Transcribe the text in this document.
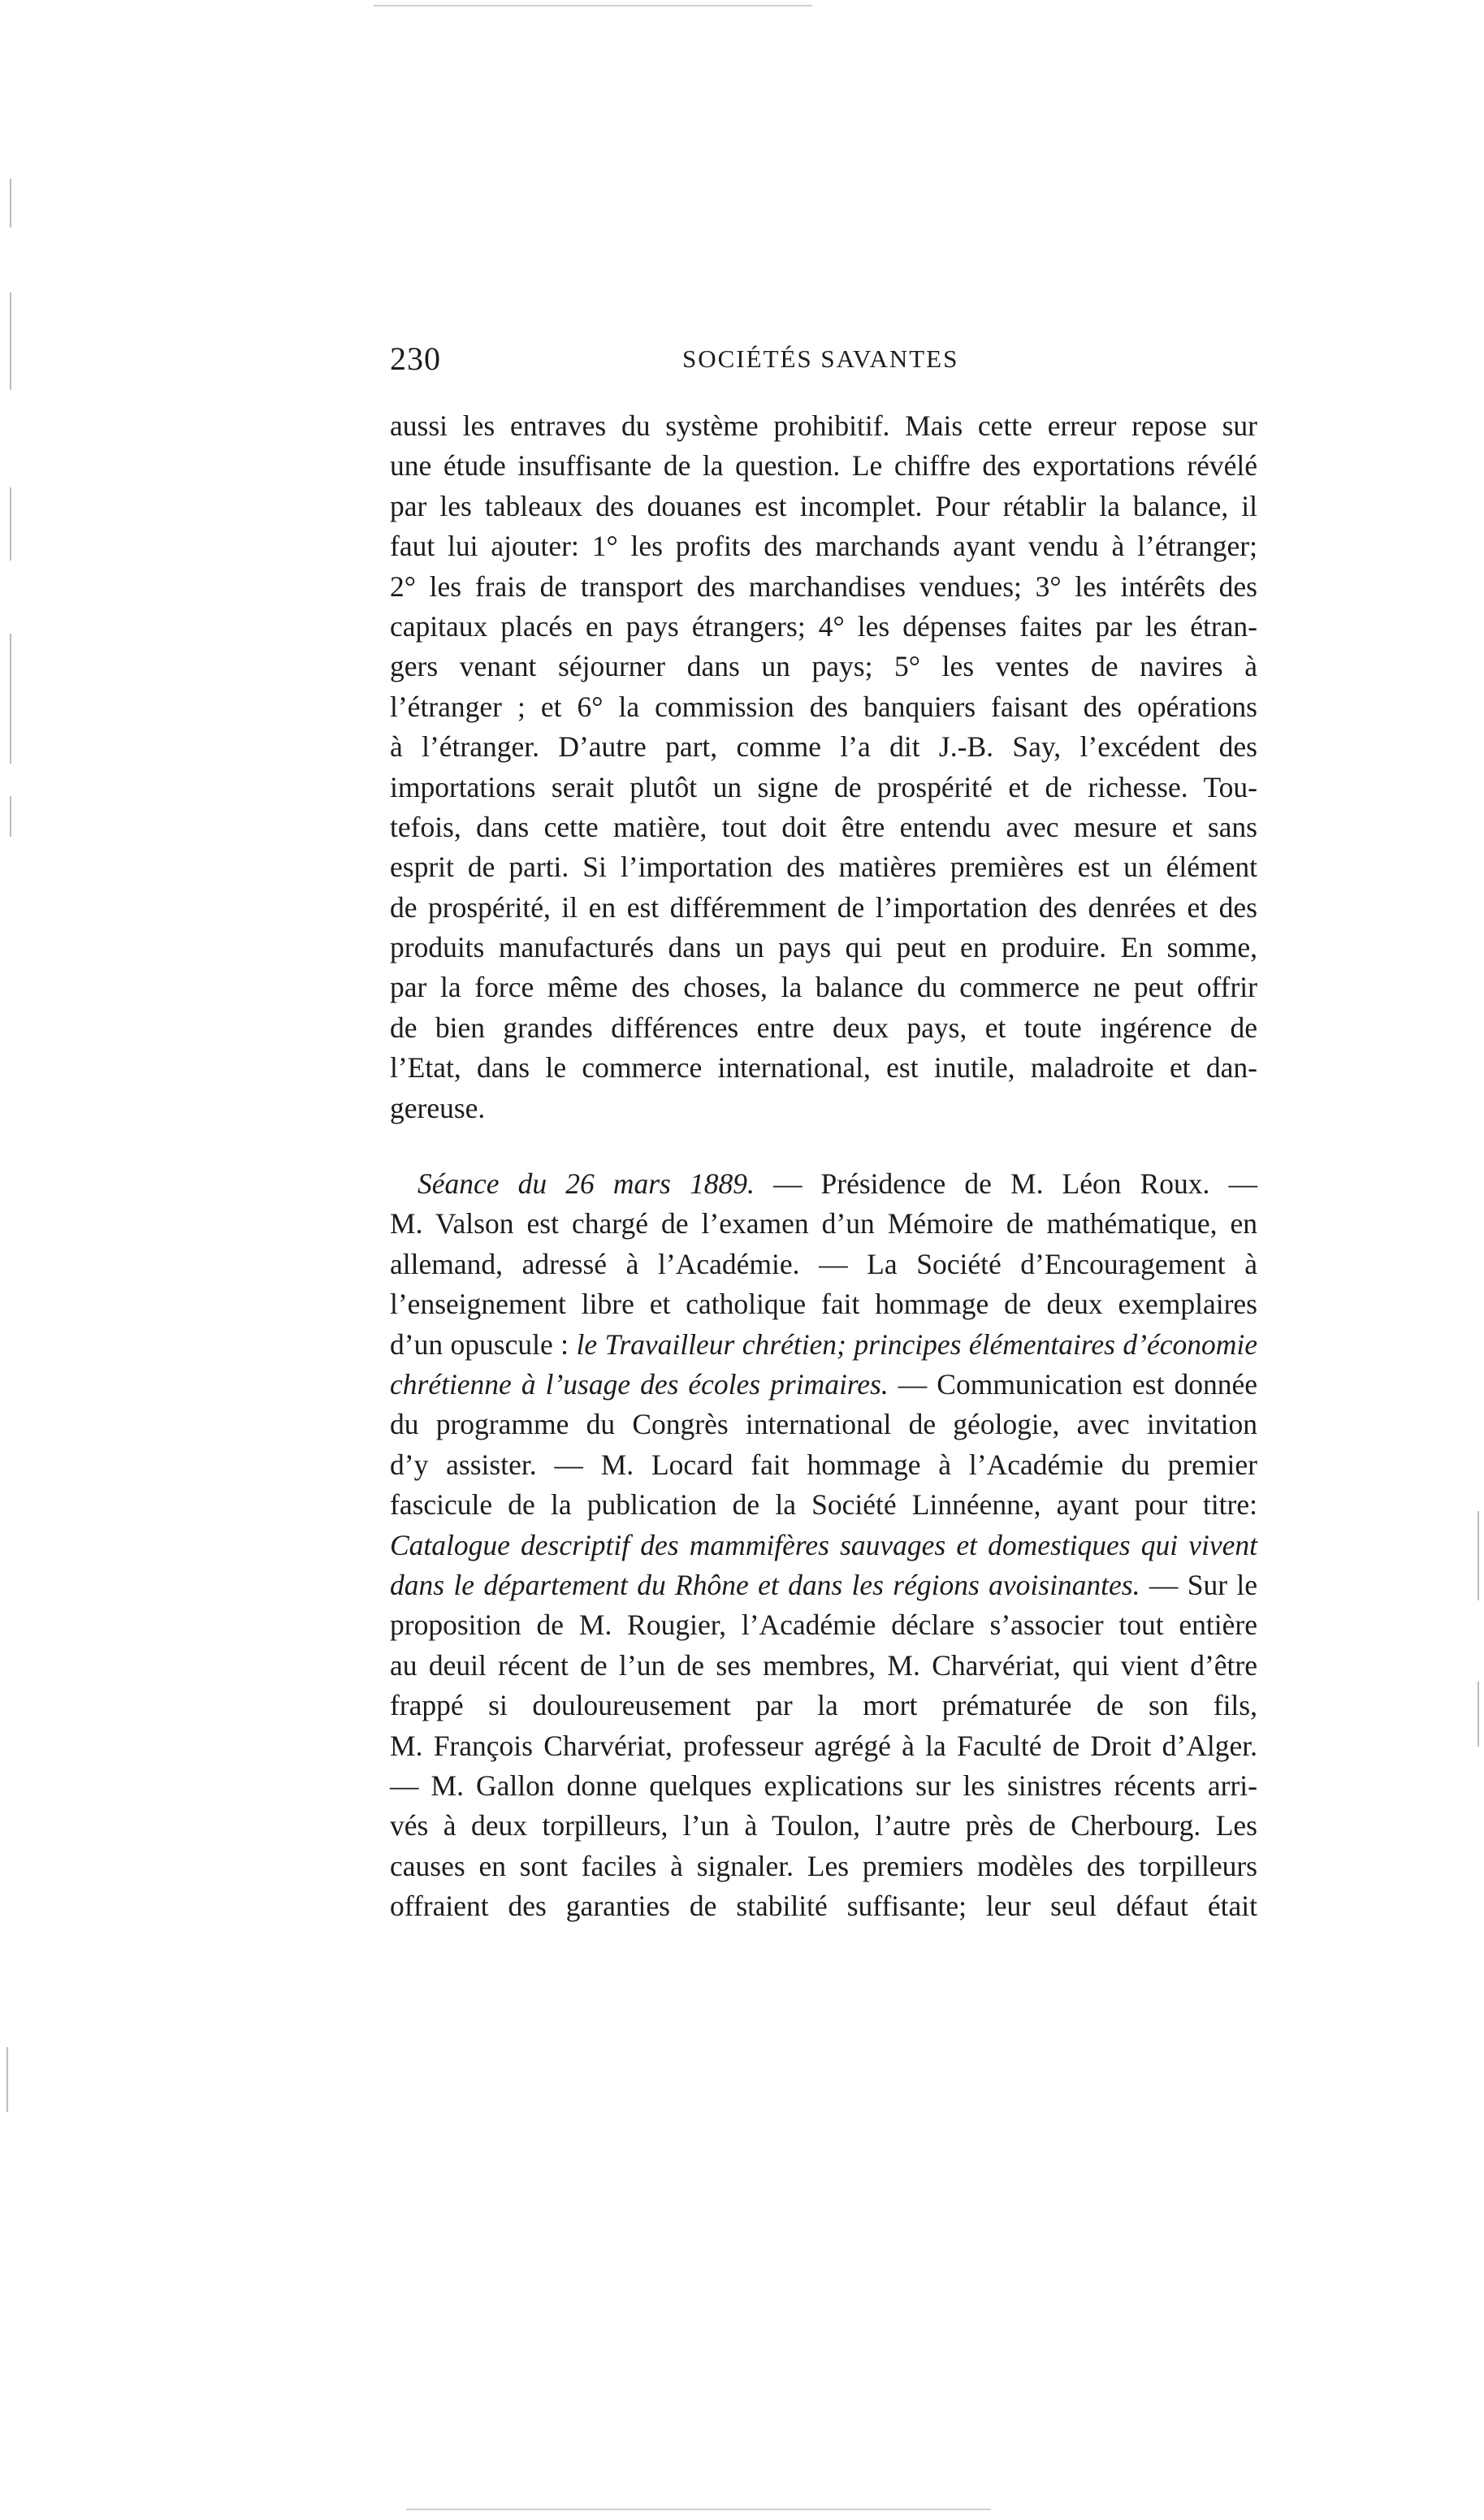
230	SOCIÉTÉS SAVANTES
aussi les entraves du système prohibitif. Mais cette erreur repose sur
une étude insuffisante de la question. Le chiffre des exportations révélé
par les tableaux des douanes est incomplet. Pour rétablir la balance, il
faut lui ajouter: 1° les profits des marchands ayant vendu à l’étranger;
2° les frais de transport des marchandises vendues; 3° les intérêts des
capitaux placés en pays étrangers; 4° les dépenses faites par les étran-
gers venant séjourner dans un pays; 5° les ventes de navires à
l’étranger ; et 6° la commission des banquiers faisant des opérations
à l’étranger. D’autre part, comme l’a dit J.-B. Say, l’excédent des
importations serait plutôt un signe de prospérité et de richesse. Tou-
tefois, dans cette matière, tout doit être entendu avec mesure et sans
esprit de parti. Si l’importation des matières premières est un élément
de prospérité, il en est différemment de l’importation des denrées et des
produits manufacturés dans un pays qui peut en produire. En somme,
par la force même des choses, la balance du commerce ne peut offrir
de bien grandes différences entre deux pays, et toute ingérence de
l’Etat, dans le commerce international, est inutile, maladroite et dan-
gereuse.
Séance du 26 mars 1889. — Présidence de M. Léon Roux. —
M. Valson est chargé de l’examen d’un Mémoire de mathématique, en
allemand, adressé à l’Académie. — La Société d’Encouragement à
l’enseignement libre et catholique fait hommage de deux exemplaires
d’un opuscule : le Travailleur chrétien; principes élémentaires d’économie
chrétienne à l’usage des écoles primaires. — Communication est donnée
du programme du Congrès international de géologie, avec invitation
d’y assister. — M. Locard fait hommage à l’Académie du premier
fascicule de la publication de la Société Linnéenne, ayant pour titre:
Catalogue descriptif des mammifères sauvages et domestiques qui vivent
dans le département du Rhône et dans les régions avoisinantes. — Sur le
proposition de M. Rougier, l’Académie déclare s’associer tout entière
au deuil récent de l’un de ses membres, M. Charvériat, qui vient d’être
frappé si douloureusement par la mort prématurée de son fils,
M. François Charvériat, professeur agrégé à la Faculté de Droit d’Alger.
— M. Gallon donne quelques explications sur les sinistres récents arri-
vés à deux torpilleurs, l’un à Toulon, l’autre près de Cherbourg. Les
causes en sont faciles à signaler. Les premiers modèles des torpilleurs
offraient des garanties de stabilité suffisante; leur seul défaut était
